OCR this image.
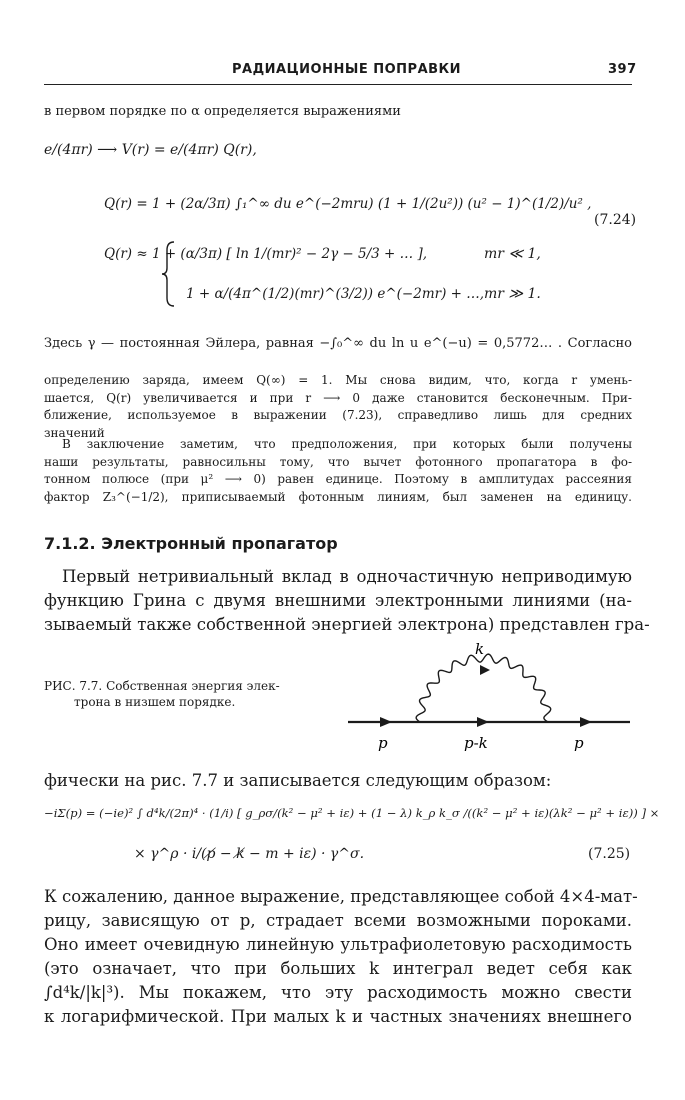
РАДИАЦИОННЫЕ ПОПРАВКИ	397
в первом порядке по α определяется выражениями
e/(4πr) ⟶ V(r) = e/(4πr) Q(r),
Q(r) = 1 + (2α/3π) ∫₁^∞ du e^(−2mru) (1 + 1/(2u²)) (u² − 1)^(1/2)/u² ,
(7.24)
Q(r) ≈ 1 + (α/3π) [ ln 1/(mr)² − 2γ − 5/3 + … ],	mr ≪ 1,
1 + α/(4π^(1/2)(mr)^(3/2)) e^(−2mr) + …, mr ≫ 1.
Здесь γ — постоянная Эйлера, равная −∫₀^∞ du ln u e^(−u) = 0,5772… . Согласно
определению заряда, имеем Q(∞) = 1. Мы снова видим, что, когда r умень-
шается, Q(r) увеличивается и при r ⟶ 0 даже становится бесконечным. При-
ближение, используемое в выражении (7.23), справедливо лишь для средних
значений
В заключение заметим, что предположения, при которых были получены
наши результаты, равносильны тому, что вычет фотонного пропагатора в фо-
тонном полюсе (при μ² ⟶ 0) равен единице. Поэтому в амплитудах рассеяния
фактор Z₃^(−1/2), приписываемый фотонным линиям, был заменен на единицу.
7.1.2. Электронный пропагатор
Первый нетривиальный вклад в одночастичную неприводимую
функцию Грина с двумя внешними электронными линиями (на-
зываемый также собственной энергией электрона) представлен гра-
РИС. 7.7. Собственная энергия элек-
трона в низшем порядке.
k
p	p-k	p
фически на рис. 7.7 и записывается следующим образом:
−iΣ(p) = (−ie)² ∫ d⁴k/(2π)⁴ · (1/i) [ g_ρσ/(k² − μ² + iε) + (1 − λ) k_ρ k_σ /((k² − μ² + iε)(λk² − μ² + iε)) ] ×
× γ^ρ · i/(p̸ − k̸ − m + iε) · γ^σ.	(7.25)
К сожалению, данное выражение, представляющее собой 4×4-мат-
рицу, зависящую от p, страдает всеми возможными пороками.
Оно имеет очевидную линейную ультрафиолетовую расходимость
(это означает, что при больших k интеграл ведет себя как
∫d⁴k/|k|³). Мы покажем, что эту расходимость можно свести
к логарифмической. При малых k и частных значениях внешнего
